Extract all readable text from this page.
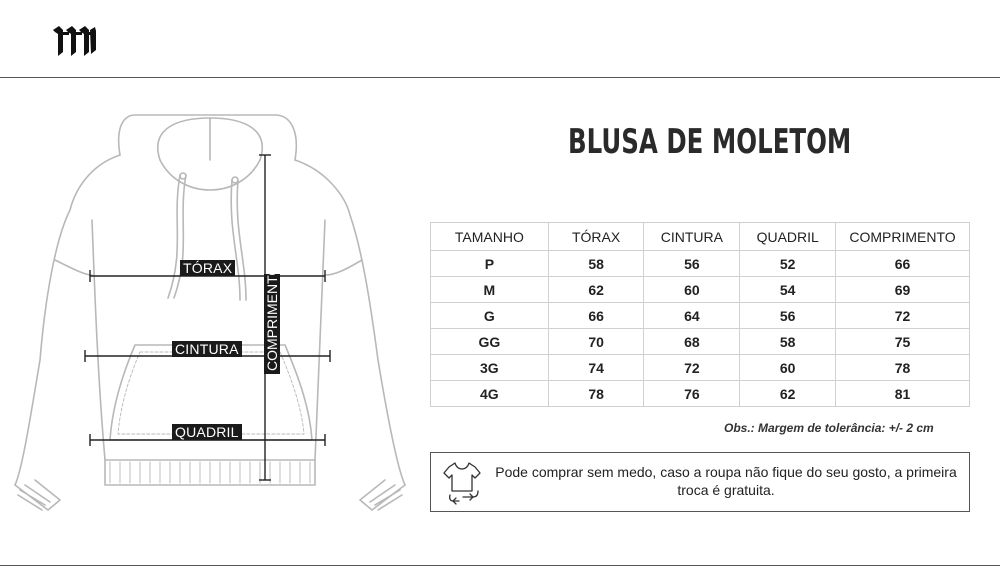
TÓRAX
CINTURA
QUADRIL
COMPRIMENTO
BLUSA DE MOLETOM
TAMANHO	TÓRAX	CINTURA	QUADRIL	COMPRIMENTO
P	58	56	52	66
M	62	60	54	69
G	66	64	56	72
GG	70	68	58	75
3G	74	72	60	78
4G	78	76	62	81
Obs.: Margem de tolerância: +/- 2 cm
Pode comprar sem medo, caso a roupa não fique do seu gosto, a primeira troca é gratuita.
